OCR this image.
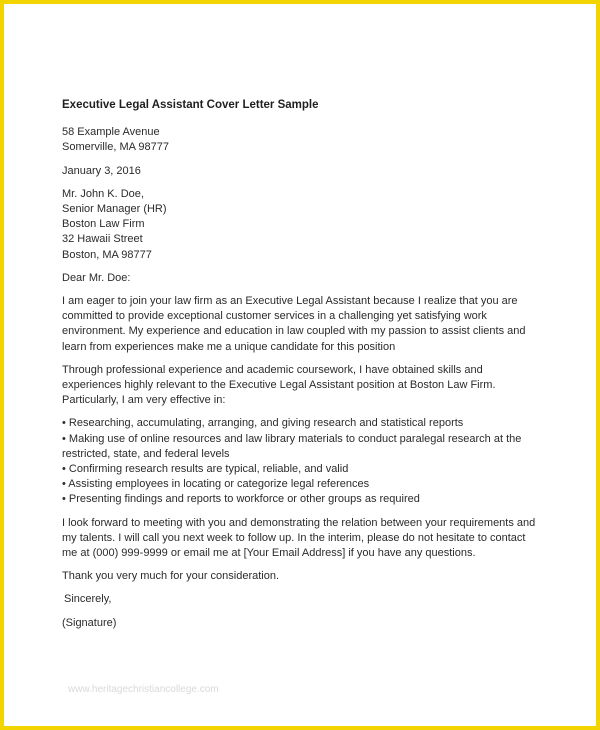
Executive Legal Assistant Cover Letter Sample
58 Example Avenue
Somerville, MA 98777
January 3, 2016
Mr. John K. Doe,
Senior Manager (HR)
Boston Law Firm
32 Hawaii Street
Boston, MA 98777
Dear Mr. Doe:
I am eager to join your law firm as an Executive Legal Assistant because I realize that you are
committed to provide exceptional customer services in a challenging yet satisfying work
environment. My experience and education in law coupled with my passion to assist clients and
learn from experiences make me a unique candidate for this position
Through professional experience and academic coursework, I have obtained skills and
experiences highly relevant to the Executive Legal Assistant position at Boston Law Firm.
Particularly, I am very effective in:
• Researching, accumulating, arranging, and giving research and statistical reports
• Making use of online resources and law library materials to conduct paralegal research at the
restricted, state, and federal levels
• Confirming research results are typical, reliable, and valid
• Assisting employees in locating or categorize legal references
• Presenting findings and reports to workforce or other groups as required
I look forward to meeting with you and demonstrating the relation between your requirements and
my talents. I will call you next week to follow up. In the interim, please do not hesitate to contact
me at (000) 999-9999 or email me at [Your Email Address] if you have any questions.
Thank you very much for your consideration.
Sincerely,
(Signature)
www.heritagechristiancollege.com
